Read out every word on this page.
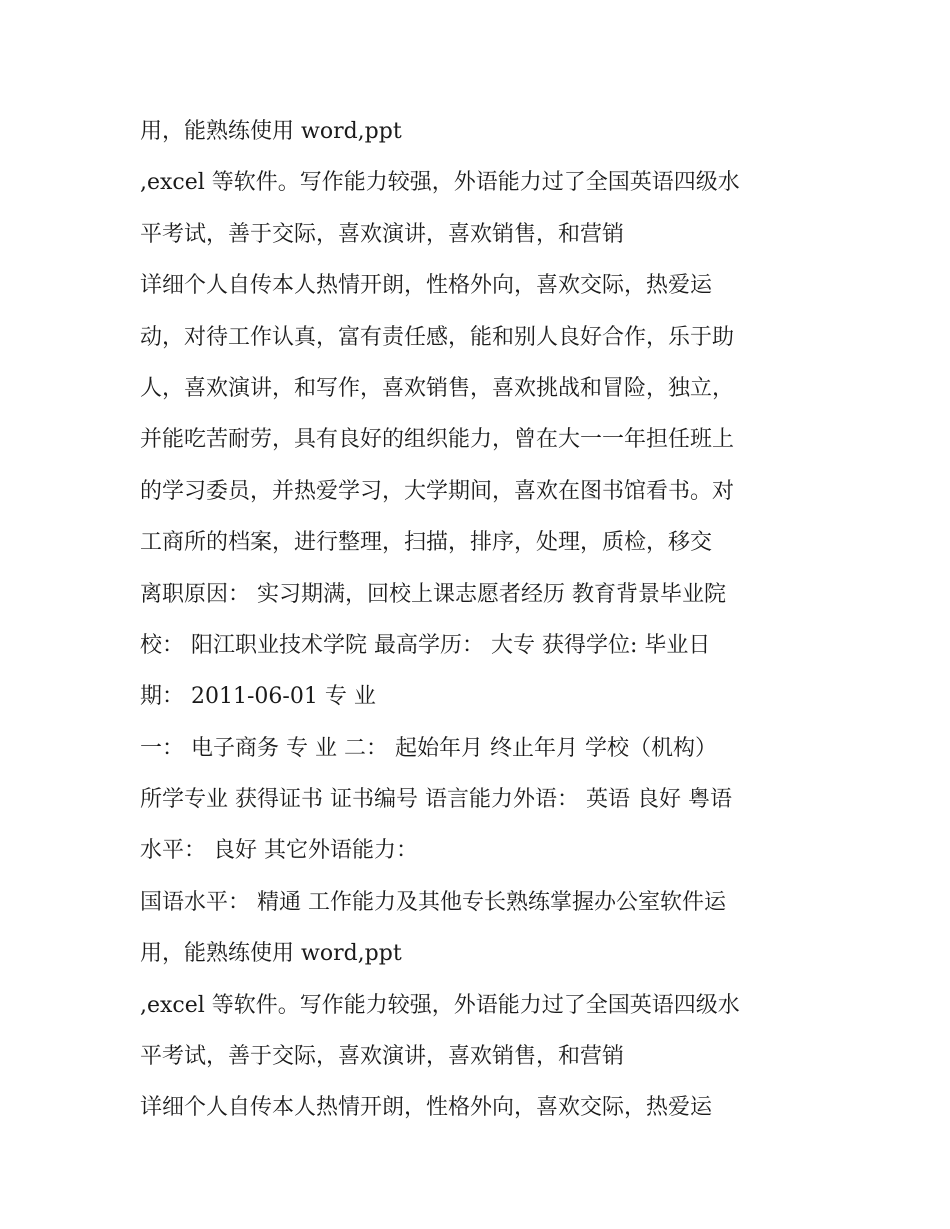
用，能熟练使用 word,ppt
,excel 等软件。写作能力较强，外语能力过了全国英语四级水
平考试，善于交际，喜欢演讲，喜欢销售，和营销
详细个人自传本人热情开朗，性格外向，喜欢交际，热爱运
动，对待工作认真，富有责任感，能和别人良好合作，乐于助
人，喜欢演讲，和写作，喜欢销售，喜欢挑战和冒险，独立，
并能吃苦耐劳，具有良好的组织能力，曾在大一一年担任班上
的学习委员，并热爱学习，大学期间，喜欢在图书馆看书。对
工商所的档案，进行整理，扫描，排序，处理，质检，移交
离职原因： 实习期满，回校上课志愿者经历 教育背景毕业院
校： 阳江职业技术学院 最高学历： 大专 获得学位: 毕业日
期： 2011-06-01 专 业
一： 电子商务 专 业 二： 起始年月 终止年月 学校（机构）
所学专业 获得证书 证书编号 语言能力外语： 英语 良好 粤语
水平： 良好 其它外语能力：
国语水平： 精通 工作能力及其他专长熟练掌握办公室软件运
用，能熟练使用 word,ppt
,excel 等软件。写作能力较强，外语能力过了全国英语四级水
平考试，善于交际，喜欢演讲，喜欢销售，和营销
详细个人自传本人热情开朗，性格外向，喜欢交际，热爱运
